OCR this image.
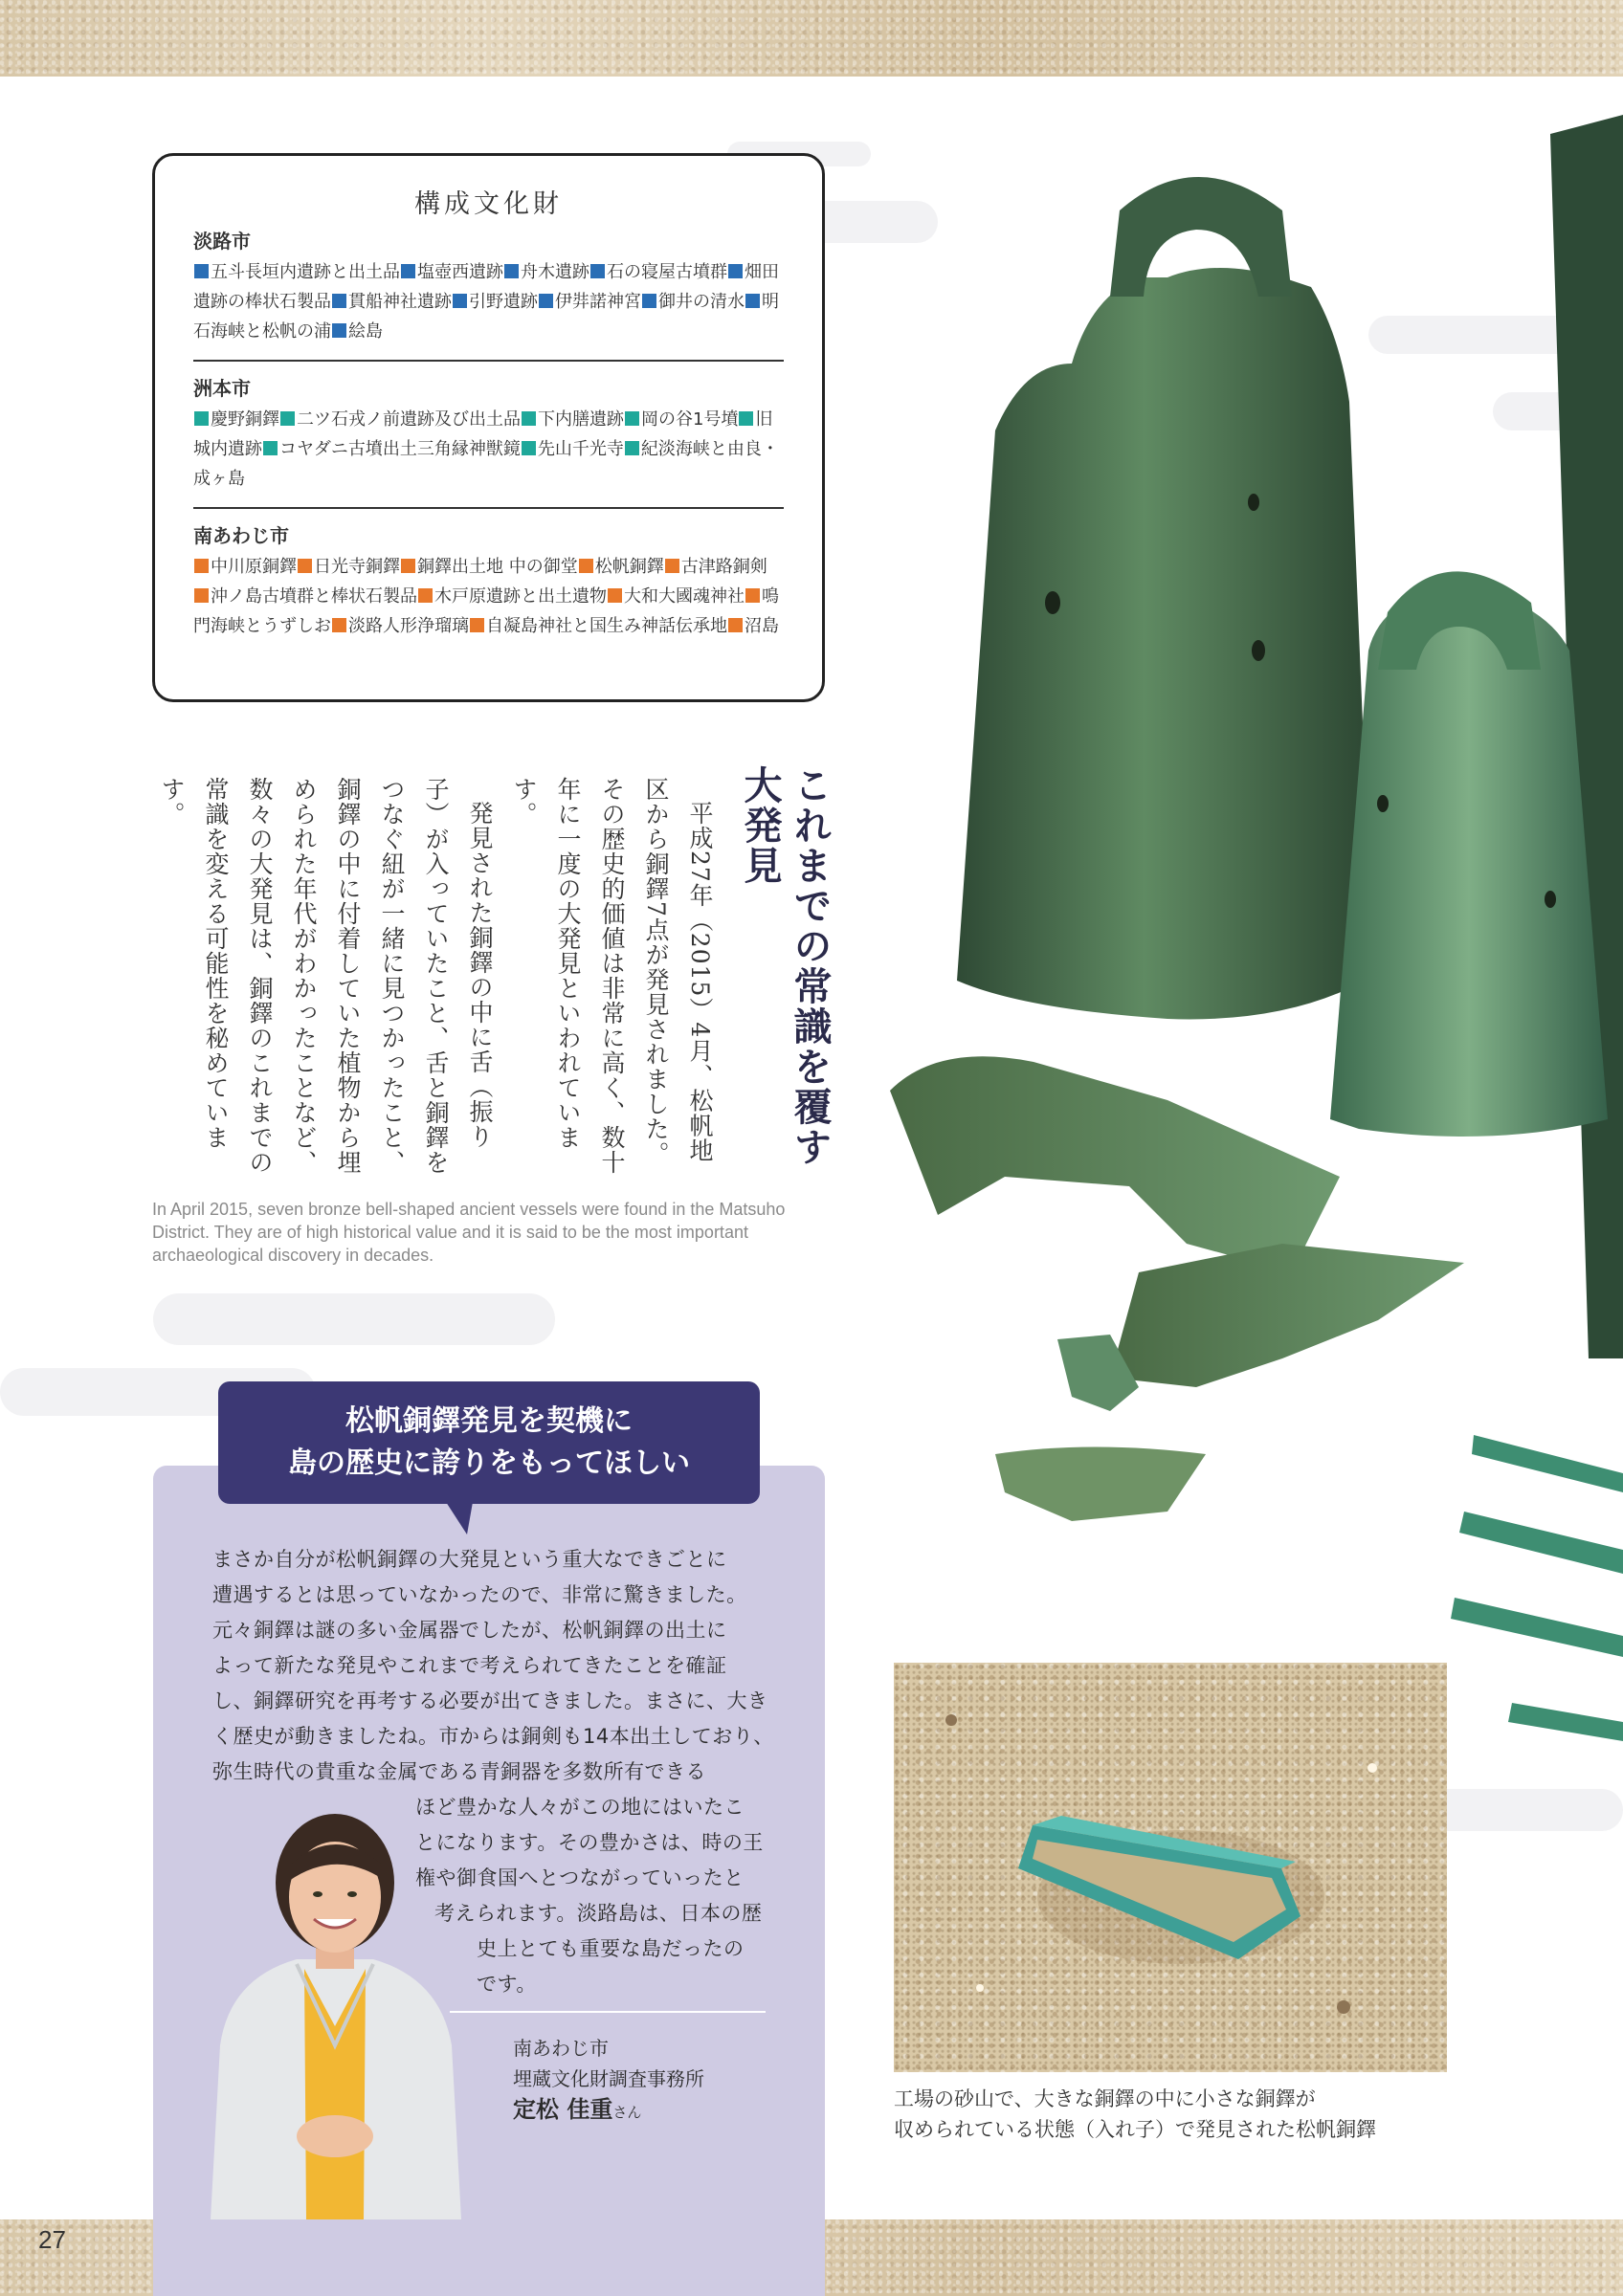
27
構成文化財
淡路市
五斗長垣内遺跡と出土品 塩壺西遺跡 舟木遺跡 石の寝屋古墳群 畑田遺跡の棒状石製品 貫船神社遺跡 引野遺跡 伊弉諾神宮 御井の清水 明石海峡と松帆の浦 絵島
洲本市
慶野銅鐸 二ツ石戎ノ前遺跡及び出土品 下内膳遺跡 岡の谷1号墳 旧城内遺跡 コヤダニ古墳出土三角縁神獣鏡 先山千光寺 紀淡海峡と由良・成ヶ島
南あわじ市
中川原銅鐸 日光寺銅鐸 銅鐸出土地 中の御堂 松帆銅鐸 古津路銅剣沖ノ島古墳群と棒状石製品 木戸原遺跡と出土遺物 大和大國魂神社 鳴門海峡とうずしお 淡路人形浄瑠璃 自凝島神社と国生み神話伝承地 沼島
これまでの常識を覆す大発見

平成27年（2015）4月、松帆地区から銅鐸7点が発見されました。その歴史的価値は非常に高く、数十年に一度の大発見といわれています。

発見された銅鐸の中に舌（振り子）が入っていたこと、舌と銅鐸をつなぐ紐が一緒に見つかったこと、銅鐸の中に付着していた植物から埋められた年代がわかったことなど、数々の大発見は、銅鐸のこれまでの常識を変える可能性を秘めています。

In April 2015, seven bronze bell-shaped ancient vessels were found in the Matsuho District. They are of high historical value and it is said to be the most important archaeological discovery in decades.
松帆銅鐸発見を契機に
島の歴史に誇りをもってほしい
まさか自分が松帆銅鐸の大発見という重大なできごとに
遭遇するとは思っていなかったので、非常に驚きました。
元々銅鐸は謎の多い金属器でしたが、松帆銅鐸の出土に
よって新たな発見やこれまで考えられてきたことを確証
し、銅鐸研究を再考する必要が出てきました。まさに、大き
く歴史が動きましたね。市からは銅剣も14本出土しており、
弥生時代の貴重な金属である青銅器を多数所有できる
ほど豊かな人々がこの地にはいたこ
とになります。その豊かさは、時の王
権や御食国へとつながっていったと
考えられます。淡路島は、日本の歴
史上とても重要な島だったの
です。
南あわじ市
埋蔵文化財調査事務所
定松 佳重さん
工場の砂山で、大きな銅鐸の中に小さな銅鐸が
収められている状態（入れ子）で発見された松帆銅鐸
